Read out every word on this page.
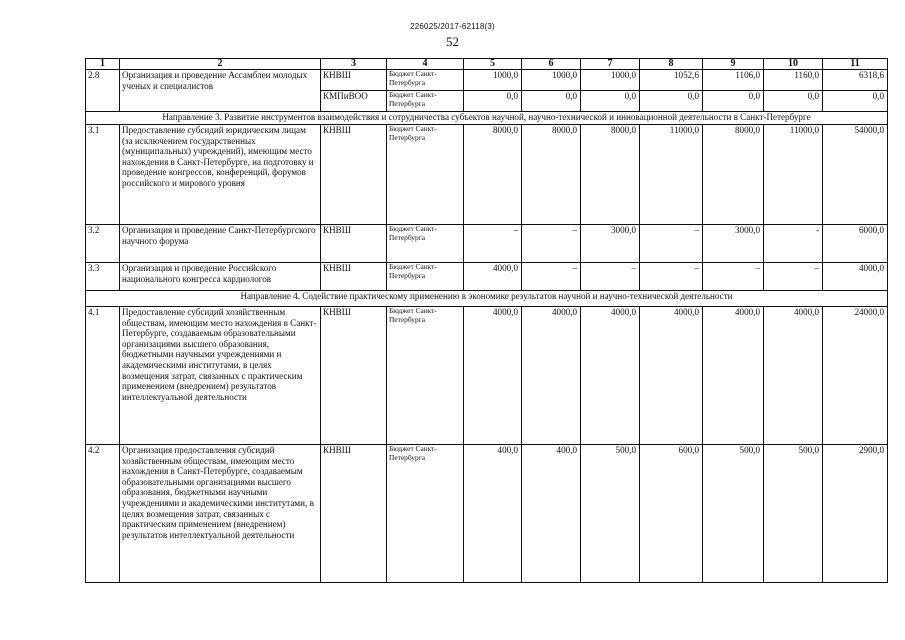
226025/2017-62118(3)
52
1	2	3	4	5	6	7	8	9	10	11
2.8	Организация и проведение Ассамблеи молодых ученых и специалистов	КНВШ	Бюджет Санкт-Петербурга	1000,0	1000,0	1000,0	1052,6	1106,0	1160,0	6318,6
		КМПиВОО	Бюджет Санкт-Петербурга	0,0	0,0	0,0	0,0	0,0	0,0	0,0
Направление 3. Развитие инструментов взаимодействия и сотрудничества субъектов научной, научно-технической и инновационной деятельности в Санкт-Петербурге										
3.1	Предоставление субсидий юридическим лицам (за исключением государственных (муниципальных) учреждений), имеющим место нахождения в Санкт-Петербурге, на подготовку и проведение конгрессов, конференций, форумов российского и мирового уровня	КНВШ	Бюджет Санкт-Петербурга	8000,0	8000,0	8000,0	11000,0	8000,0	11000,0	54000,0
3.2	Организация и проведение Санкт-Петербургского научного форума	КНВШ	Бюджет Санкт-Петербурга	–	–	3000,0	–	3000,0	-	6000,0
3.3	Организация и проведение Российского национального конгресса кардиологов	КНВШ	Бюджет Санкт-Петербурга	4000,0	–	–	–	–	–	4000,0
Направление 4. Содействие практическому применению в экономике результатов научной и научно-технической деятельности										
4.1	Предоставление субсидий хозяйственным обществам, имеющим место нахождения в Санкт-Петербурге, создаваемым образовательными организациями высшего образования, бюджетными научными учреждениями и академическими институтами, в целях возмещения затрат, связанных с практическим применением (внедрением) результатов интеллектуальной деятельности	КНВШ	Бюджет Санкт-Петербурга	4000,0	4000,0	4000,0	4000,0	4000,0	4000,0	24000,0
4.2	Организация предоставления субсидий хозяйственным обществам, имеющим место нахождения в Санкт-Петербурге, создаваемым образовательными организациями высшего образования, бюджетными научными учреждениями и академическими институтами, в целях возмещения затрат, связанных с практическим применением (внедрением) результатов интеллектуальной деятельности	КНВШ	Бюджет Санкт-Петербурга	400,0	400,0	500,0	600,0	500,0	500,0	2900,0
